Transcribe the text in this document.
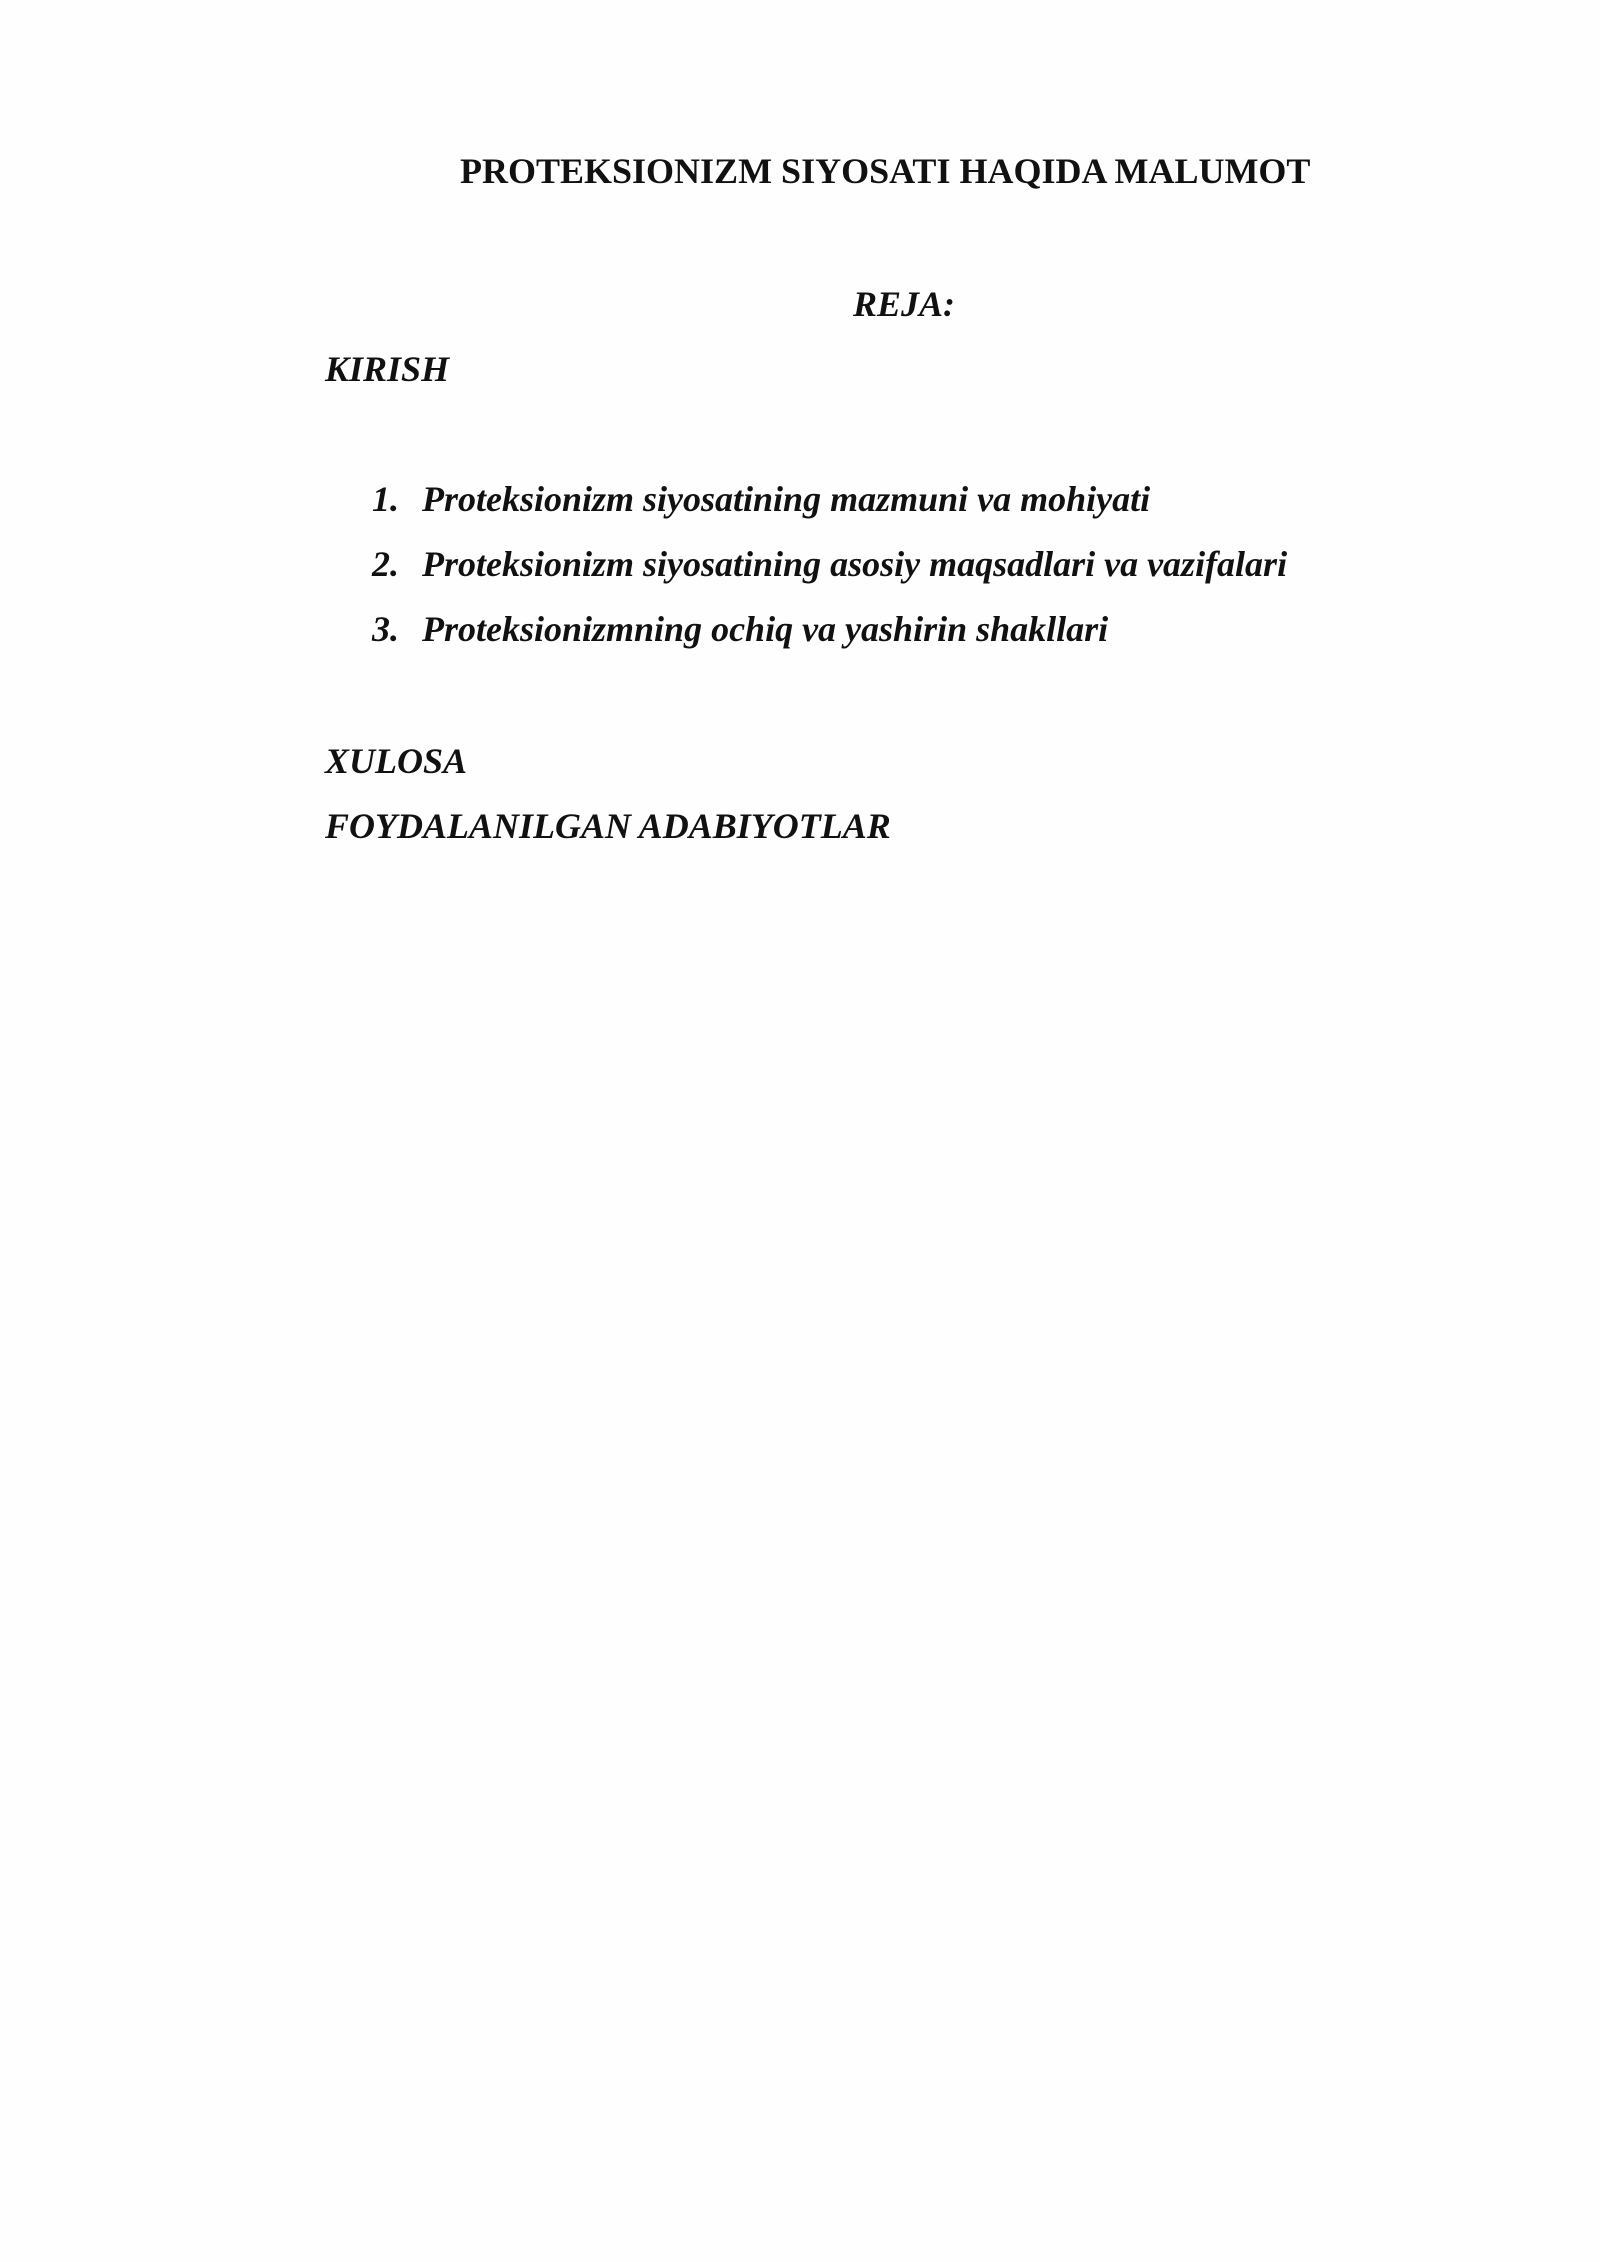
PROTEKSIONIZM SIYOSATI HAQIDA MALUMOT
REJA:
KIRISH
1. Proteksionizm siyosatining mazmuni va mohiyati
2. Proteksionizm siyosatining asosiy maqsadlari va vazifalari
3. Proteksionizmning ochiq va yashirin shakllari
XULOSA
FOYDALANILGAN ADABIYOTLAR
